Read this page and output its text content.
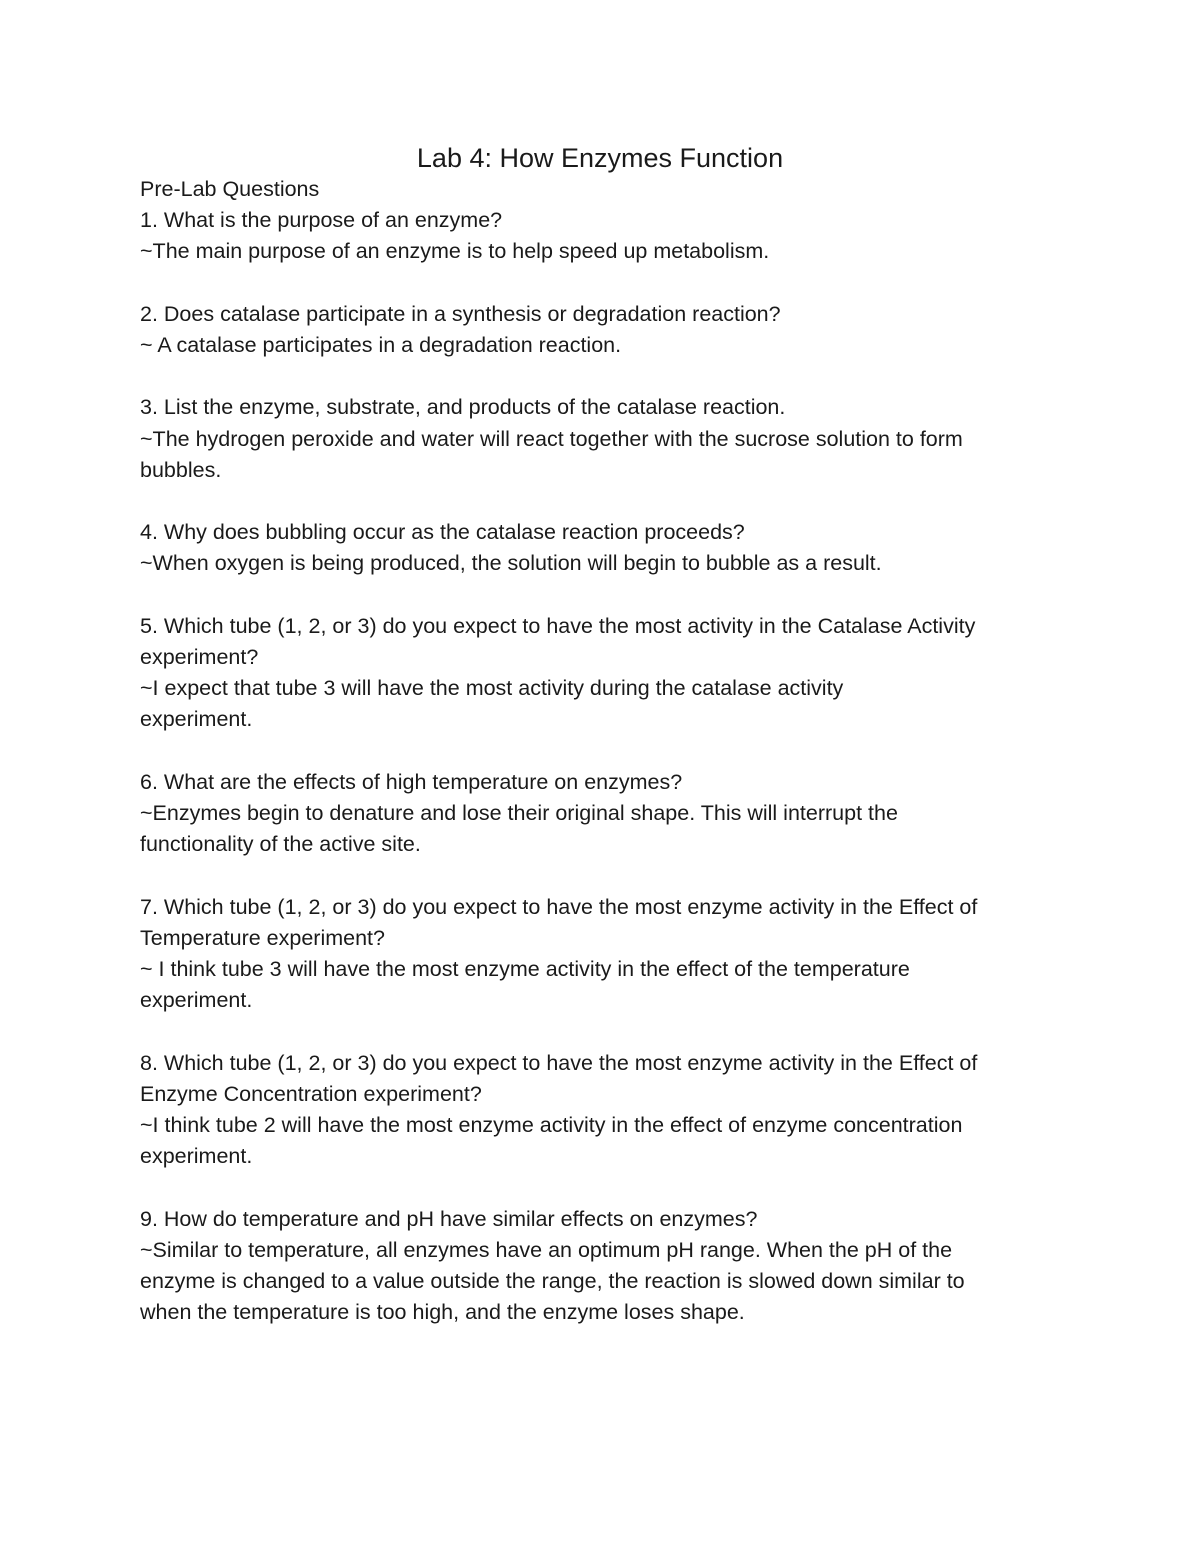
Lab 4: How Enzymes Function

Pre-Lab Questions

1. What is the purpose of an enzyme?

~The main purpose of an enzyme is to help speed up metabolism.

2. Does catalase participate in a synthesis or degradation reaction?

~ A catalase participates in a degradation reaction.

3. List the enzyme, substrate, and products of the catalase reaction.

~The hydrogen peroxide and water will react together with the sucrose solution to form

bubbles.

4. Why does bubbling occur as the catalase reaction proceeds?

~When oxygen is being produced, the solution will begin to bubble as a result.

5. Which tube (1, 2, or 3) do you expect to have the most activity in the Catalase Activity

experiment?

~I expect that tube 3 will have the most activity during the catalase activity

experiment.

6. What are the effects of high temperature on enzymes?

~Enzymes begin to denature and lose their original shape. This will interrupt the

functionality of the active site.

7. Which tube (1, 2, or 3) do you expect to have the most enzyme activity in the Effect of

Temperature experiment?

~ I think tube 3 will have the most enzyme activity in the effect of the temperature

experiment.

8. Which tube (1, 2, or 3) do you expect to have the most enzyme activity in the Effect of

Enzyme Concentration experiment?

~I think tube 2 will have the most enzyme activity in the effect of enzyme concentration

experiment.

9. How do temperature and pH have similar effects on enzymes?

~Similar to temperature, all enzymes have an optimum pH range. When the pH of the

enzyme is changed to a value outside the range, the reaction is slowed down similar to

when the temperature is too high, and the enzyme loses shape.
